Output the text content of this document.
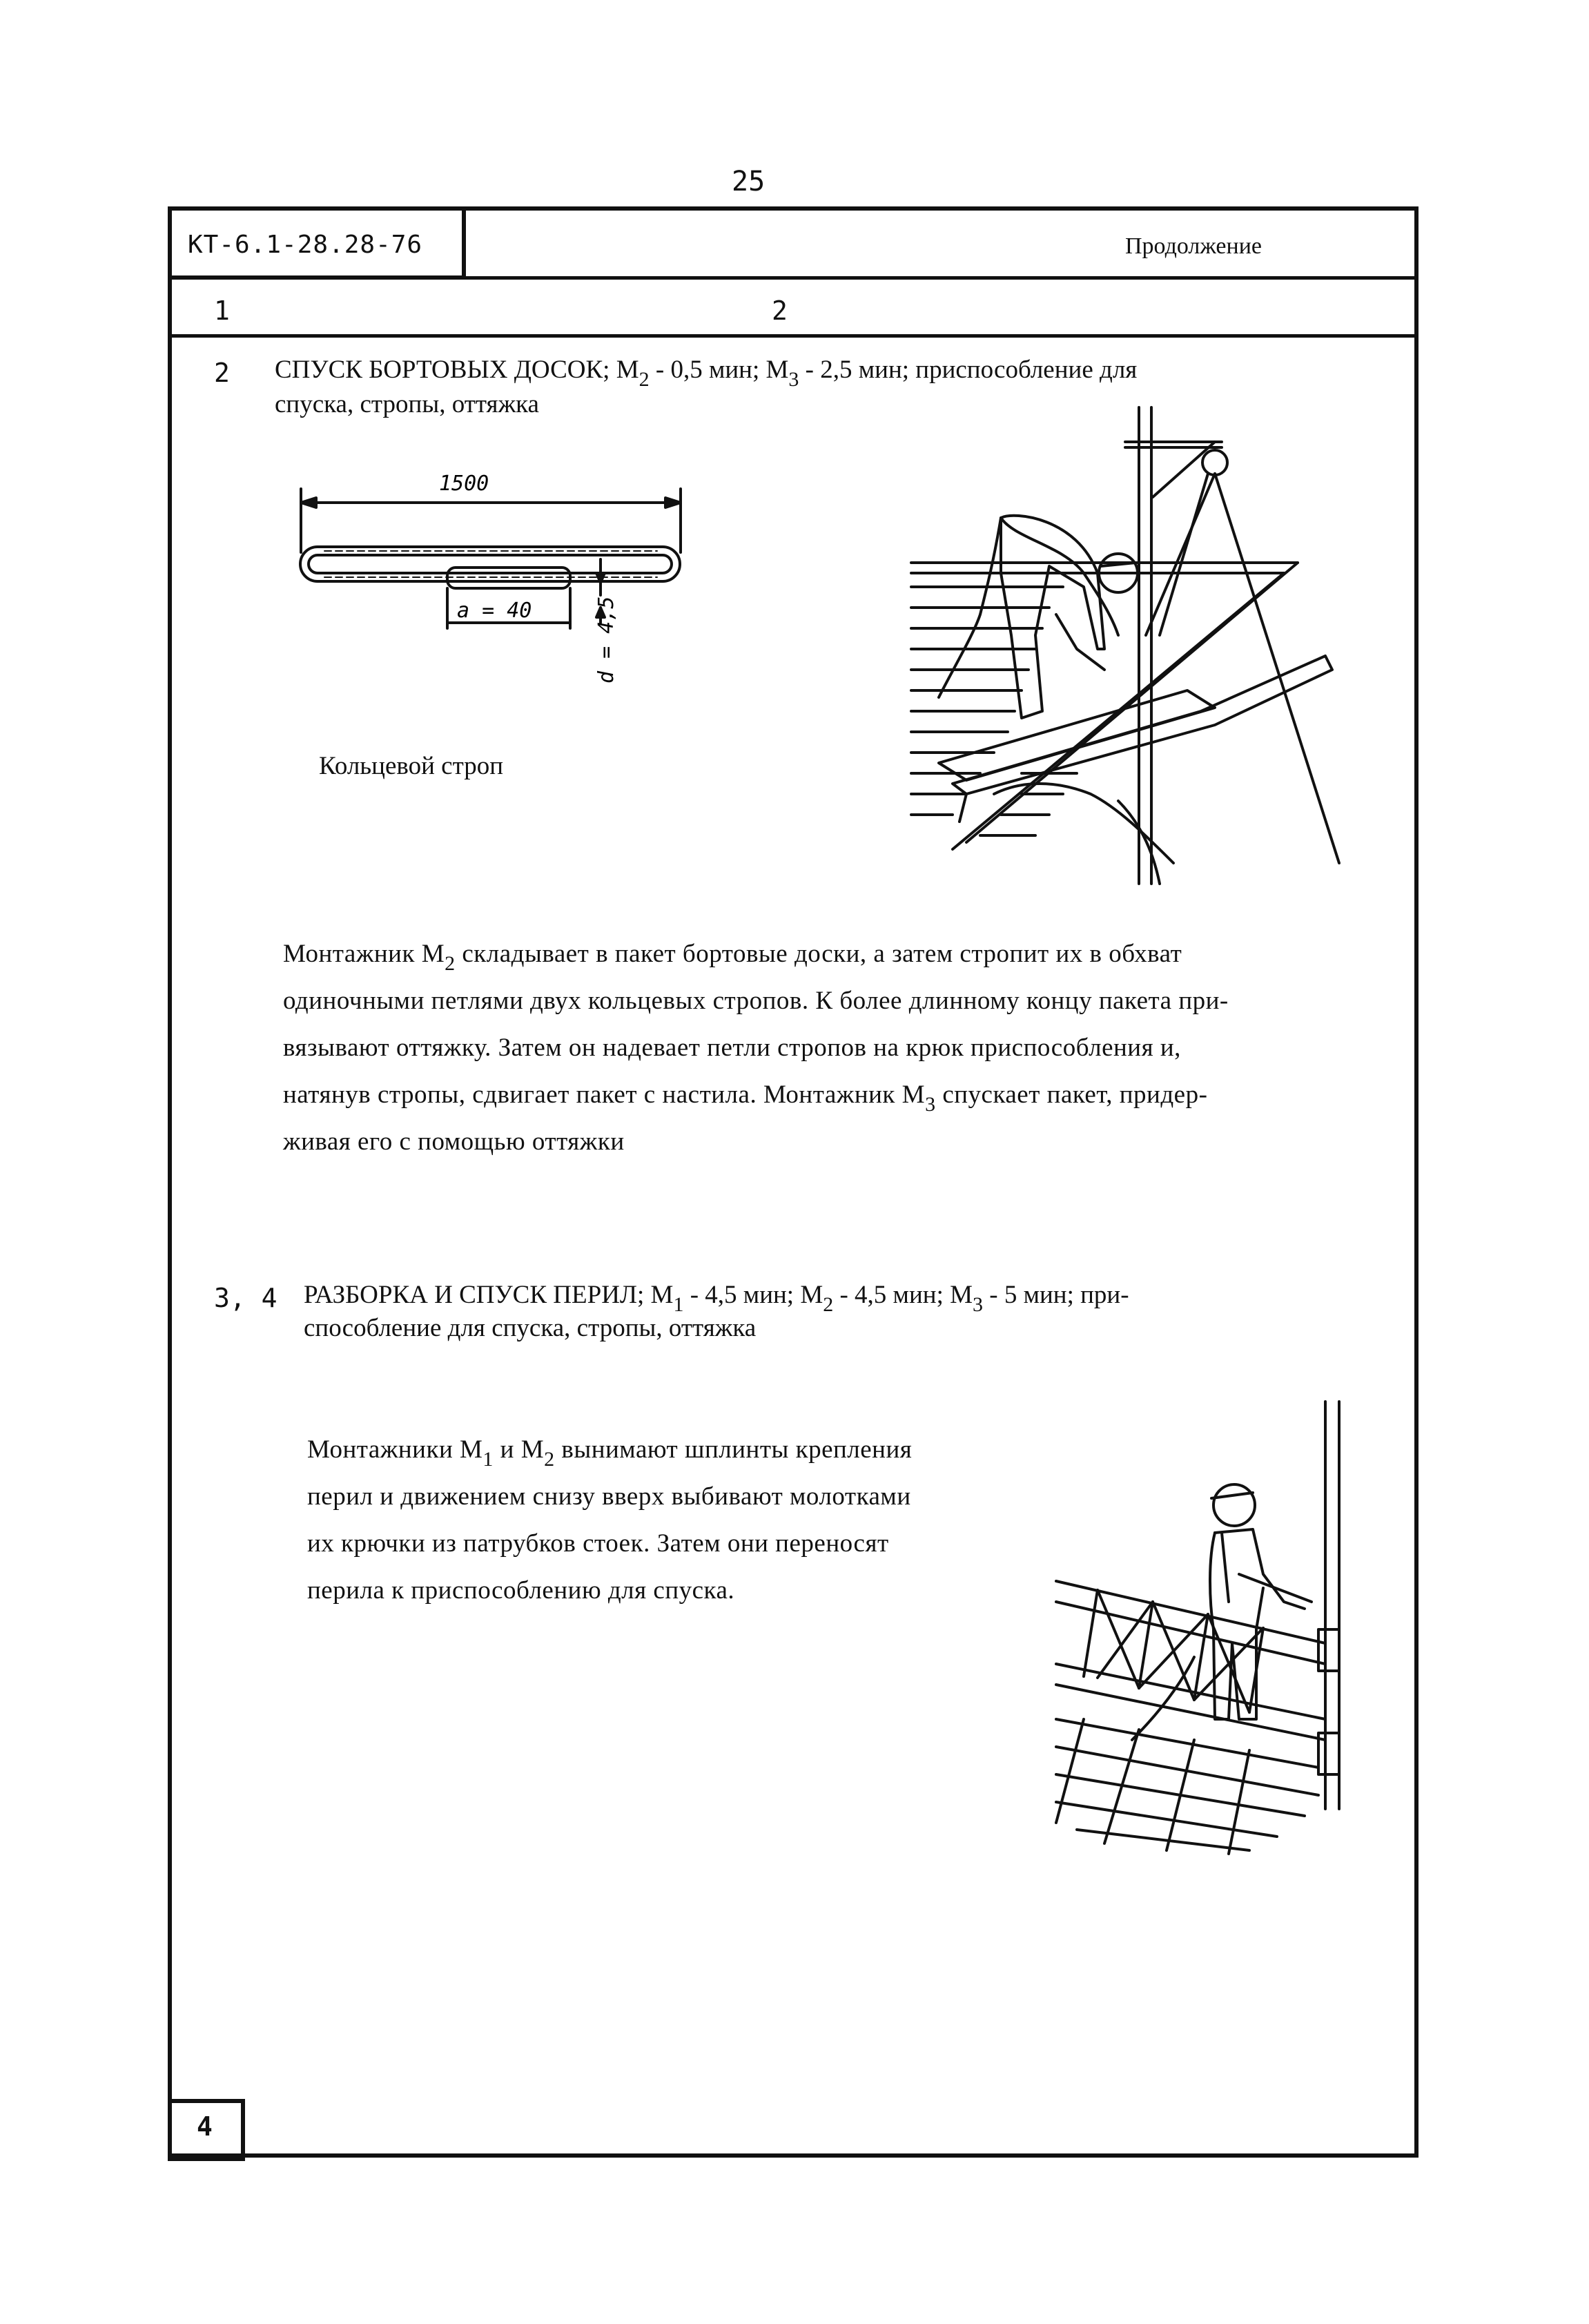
25
КТ-6.1-28.28-76	Продолжение
1	2
2 СПУСК БОРТОВЫХ ДОСОК; $М_2 - 0,5$ мин; $М_3 - 2,5$ мин; приспособление для
спуска, стропы, оттяжка
1500
a = 40	d = 4,5
Кольцевой строп
Монтажник $М_2$ складывает в пакет бортовые доски, а затем стропит их в обхват
одиночными петлями двух кольцевых стропов. К более длинному концу пакета при-
вязывают оттяжку. Затем он надевает петли стропов на крюк приспособления и,
натянув стропы, сдвигает пакет с настила. Монтажник $М_3$ спускает пакет, придер-
живая его с помощью оттяжки
3, 4 РАЗБОРКА И СПУСК ПЕРИЛ; $М_1 - 4,5$ мин; $М_2 - 4,5$ мин; $М_3 - 5$ мин; при-
способление для спуска, стропы, оттяжка
Монтажники $М_1$ и $М_2$ вынимают шплинты крепления
перил и движением снизу вверх выбивают молотками
их крючки из патрубков стоек. Затем они переносят
перила к приспособлению для спуска.
4
